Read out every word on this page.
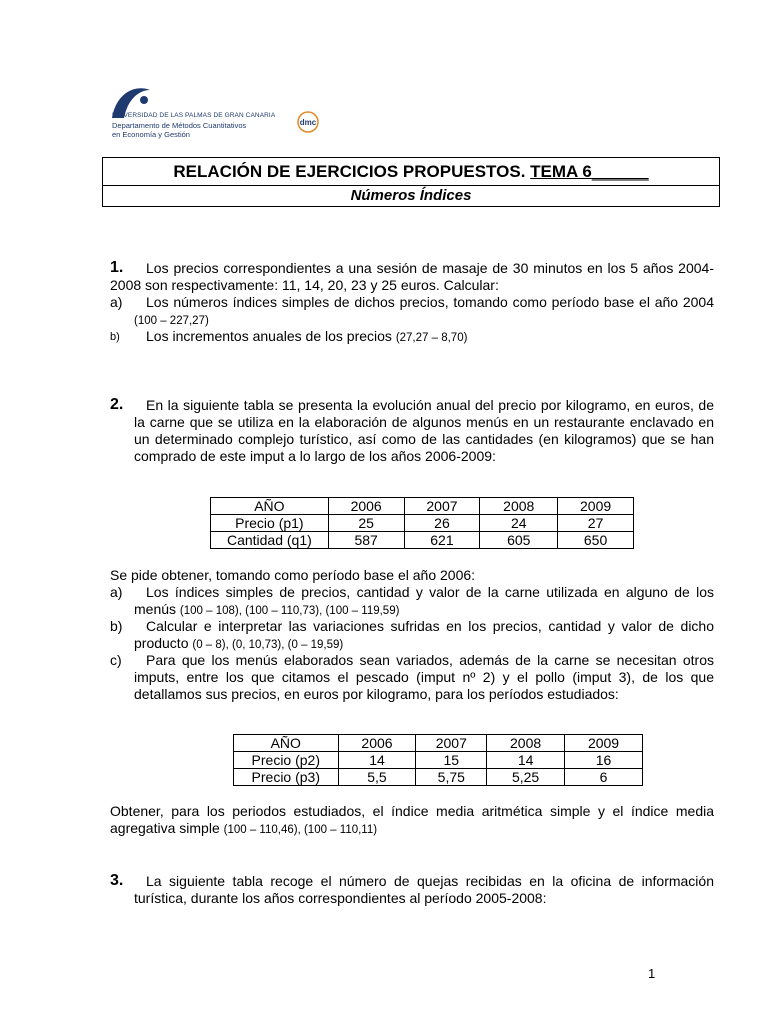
UNIVERSIDAD DE LAS PALMAS DE GRAN CANARIA
Departamento de Métodos Cuantitativos
en Economía y Gestión
dmc
RELACIÓN DE EJERCICIOS PROPUESTOS. TEMA 6______
Números Índices
1.	Los precios correspondientes a una sesión de masaje de 30 minutos en los 5 años 2004-2008 son respectivamente: 11, 14, 20, 23 y 25 euros. Calcular:
a)	Los números índices simples de dichos precios, tomando como período base el año 2004 (100 – 227,27)
b) Los incrementos anuales de los precios (27,27 – 8,70)
2.	En la siguiente tabla se presenta la evolución anual del precio por kilogramo, en euros, de la carne que se utiliza en la elaboración de algunos menús en un restaurante enclavado en un determinado complejo turístico, así como de las cantidades (en kilogramos) que se han comprado de este imput a lo largo de los años 2006-2009:
AÑO	2006	2007	2008	2009
Precio (p1)	25	26	24	27
Cantidad (q1)	587	621	605	650
Se pide obtener, tomando como período base el año 2006:
a)	Los índices simples de precios, cantidad y valor de la carne utilizada en alguno de los menús (100 – 108), (100 – 110,73), (100 – 119,59)
b)	Calcular e interpretar las variaciones sufridas en los precios, cantidad y valor de dicho producto (0 – 8), (0, 10,73), (0 – 19,59)
c)	Para que los menús elaborados sean variados, además de la carne se necesitan otros imputs, entre los que citamos el pescado (imput nº 2) y el pollo (imput 3), de los que detallamos sus precios, en euros por kilogramo, para los períodos estudiados:
AÑO	2006	2007	2008	2009
Precio (p2)	14	15	14	16
Precio (p3)	5,5	5,75	5,25	6
Obtener, para los periodos estudiados, el índice media aritmética simple y el índice media agregativa simple (100 – 110,46), (100 – 110,11)
3.	La siguiente tabla recoge el número de quejas recibidas en la oficina de información turística, durante los años correspondientes al período 2005-2008:
1
